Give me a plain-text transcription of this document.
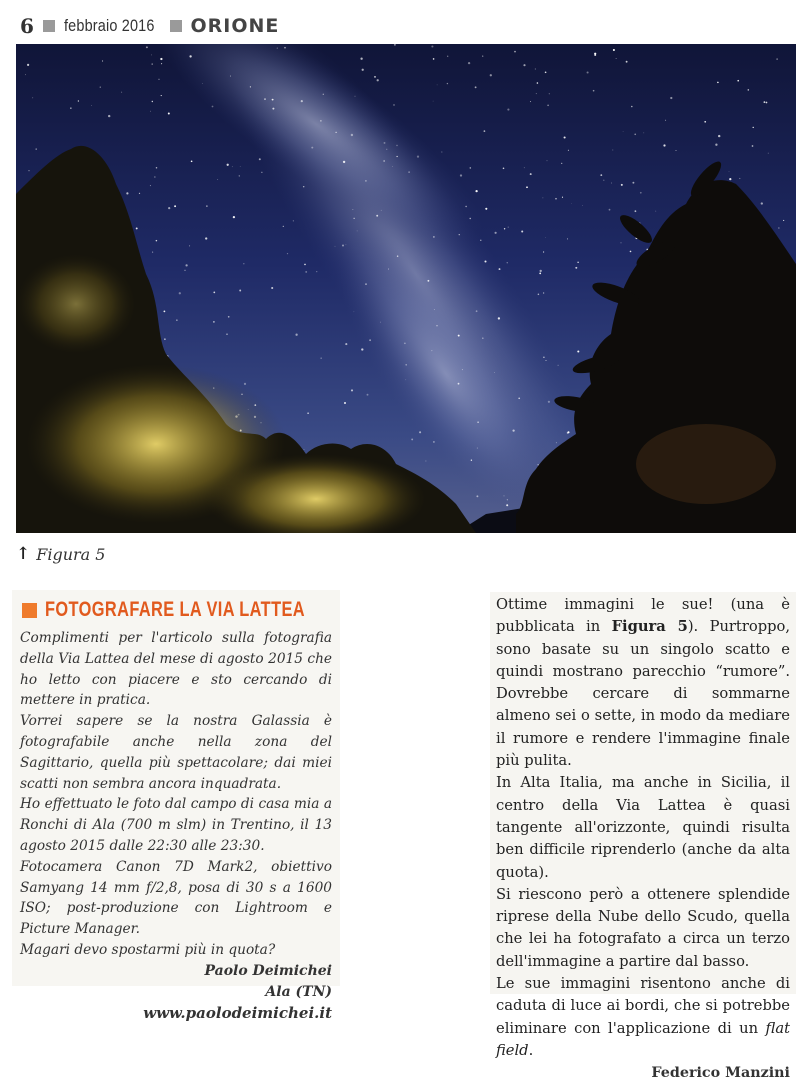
6 febbraio 2016 ORIONE
↑ Figura 5
FOTOGRAFARE LA VIA LATTEA

Complimenti per l'articolo sulla fotografia della Via Lattea del mese di agosto 2015 che ho letto con piacere e sto cercando di mettere in pratica.

Vorrei sapere se la nostra Galassia è fotografabile anche nella zona del Sagittario, quella più spettacolare; dai miei scatti non sembra ancora inquadrata.

Ho effettuato le foto dal campo di casa mia a Ronchi di Ala (700 m slm) in Trentino, il 13 agosto 2015 dalle 22:30 alle 23:30.

Fotocamera Canon 7D Mark2, obiettivo Samyang 14 mm f/2,8, posa di 30 s a 1600 ISO; post-produzione con Lightroom e Picture Manager.

Magari devo spostarmi più in quota?

Paolo Deimichei
Ala (TN)
www.paolodeimichei.it

Ottime immagini le sue! (una è pubblicata in Figura 5). Purtroppo, sono basate su un singolo scatto e quindi mostrano parecchio “rumore”. Dovrebbe cercare di sommarne almeno sei o sette, in modo da mediare il rumore e rendere l'immagine finale più pulita.

In Alta Italia, ma anche in Sicilia, il centro della Via Lattea è quasi tangente all'orizzonte, quindi risulta ben difficile riprenderlo (anche da alta quota).

Si riescono però a ottenere splendide riprese della Nube dello Scudo, quella che lei ha fotografato a circa un terzo dell'immagine a partire dal basso.

Le sue immagini risentono anche di caduta di luce ai bordi, che si potrebbe eliminare con l'applicazione di un flat field.

Federico Manzini
